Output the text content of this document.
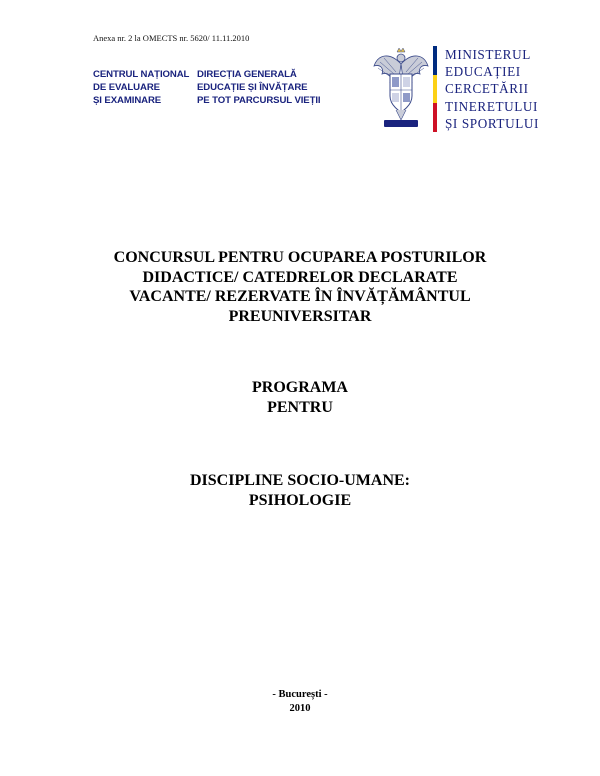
Anexa nr. 2 la OMECTS nr. 5620/ 11.11.2010
CENTRUL NAȚIONAL
DE EVALUARE
ȘI EXAMINARE
DIRECȚIA GENERALĂ
EDUCAȚIE ȘI ÎNVĂȚARE
PE TOT PARCURSUL VIEȚII
MINISTERUL
EDUCAȚIEI
CERCETĂRII
TINERETULUI
ȘI SPORTULUI
CONCURSUL PENTRU OCUPAREA POSTURILOR
DIDACTICE/ CATEDRELOR DECLARATE
VACANTE/ REZERVATE ÎN ÎNVĂȚĂMÂNTUL
PREUNIVERSITAR
PROGRAMA
PENTRU
DISCIPLINE SOCIO-UMANE:
PSIHOLOGIE
- București -
2010
